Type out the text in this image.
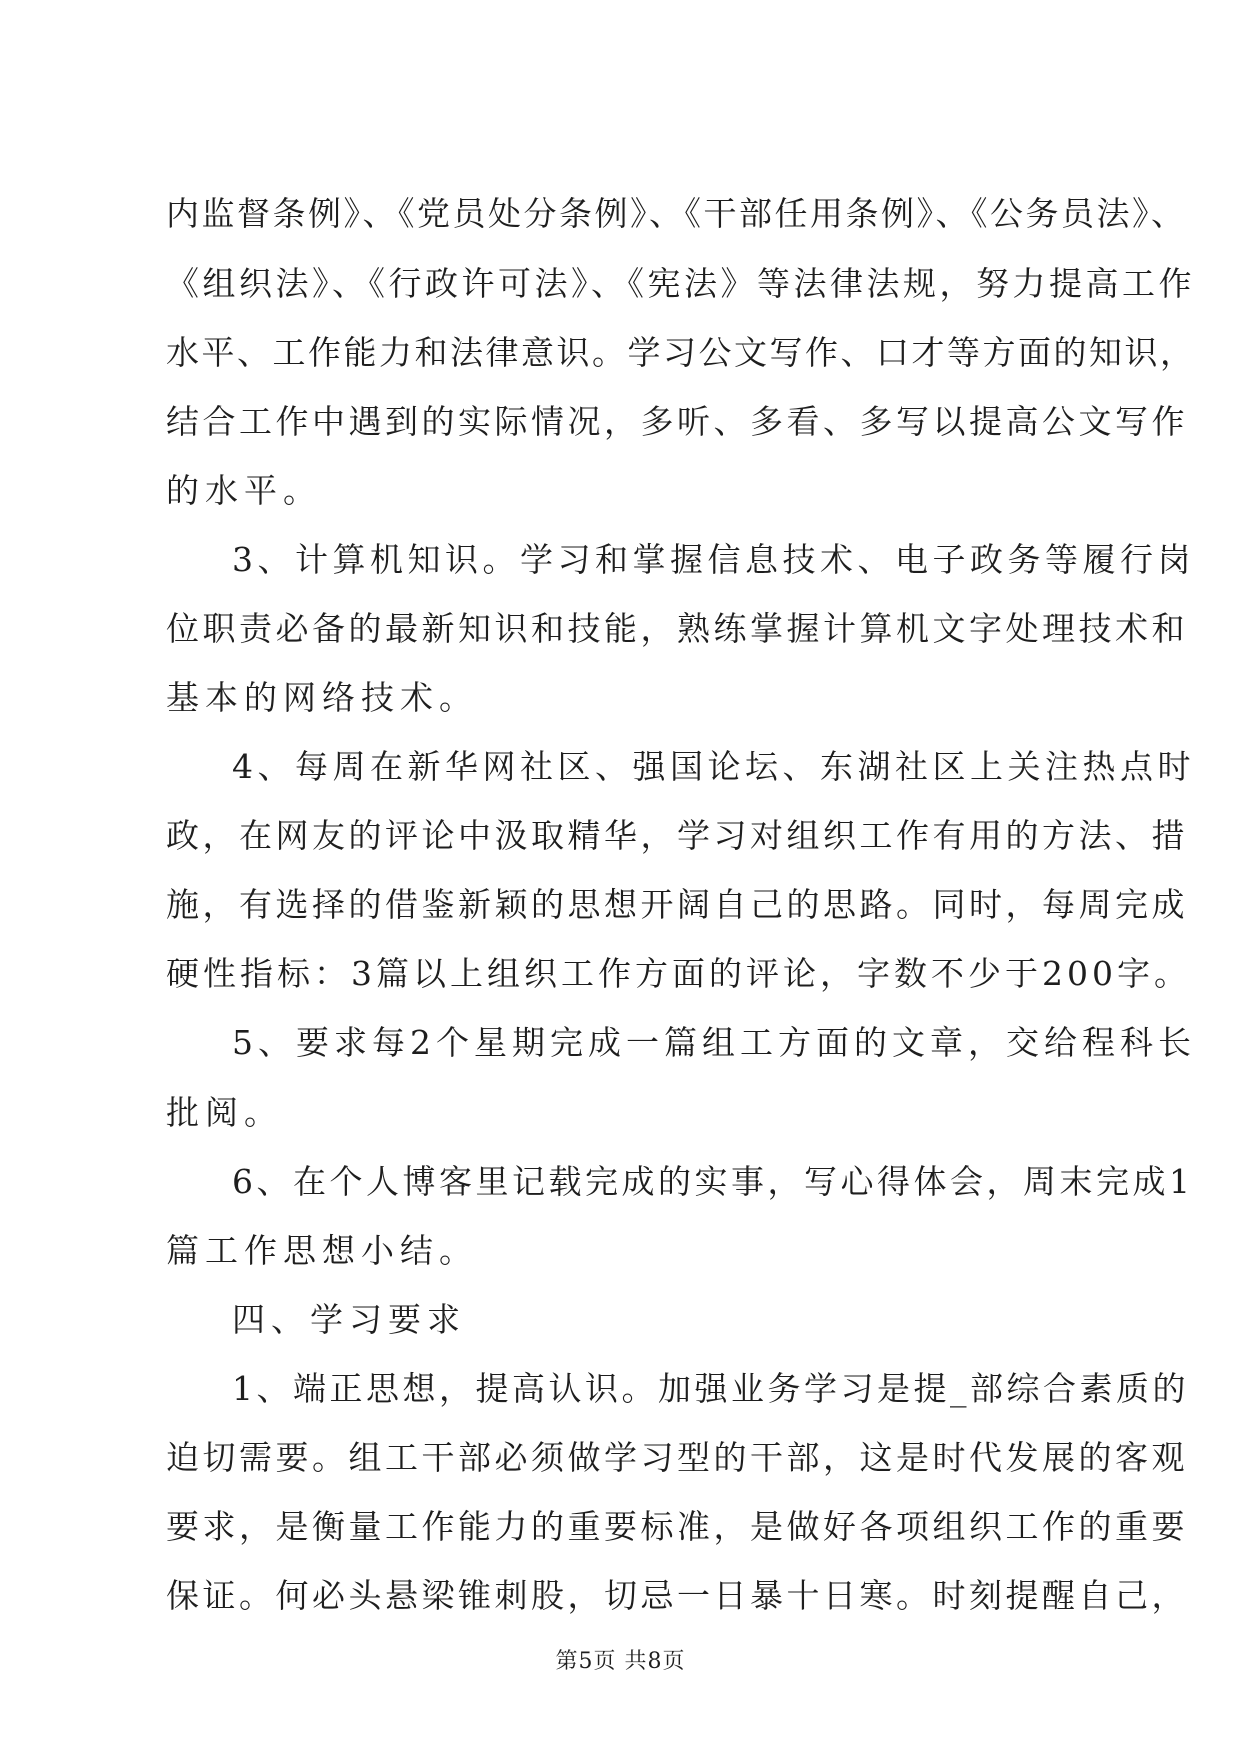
内监督条例》、《党员处分条例》、《干部任用条例》、《公务员法》、
《组织法》、《行政许可法》、《宪法》等法律法规，努力提高工作
水平、工作能力和法律意识。学习公文写作、口才等方面的知识，
结合工作中遇到的实际情况，多听、多看、多写以提高公文写作
的水平。
3、计算机知识。学习和掌握信息技术、电子政务等履行岗
位职责必备的最新知识和技能，熟练掌握计算机文字处理技术和
基本的网络技术。
4、每周在新华网社区、强国论坛、东湖社区上关注热点时
政，在网友的评论中汲取精华，学习对组织工作有用的方法、措
施，有选择的借鉴新颖的思想开阔自己的思路。同时，每周完成
硬性指标：3篇以上组织工作方面的评论，字数不少于200字。
5、要求每2个星期完成一篇组工方面的文章，交给程科长
批阅。
6、在个人博客里记载完成的实事，写心得体会，周末完成1
篇工作思想小结。
四、学习要求
1、端正思想，提高认识。加强业务学习是提_部综合素质的
迫切需要。组工干部必须做学习型的干部，这是时代发展的客观
要求，是衡量工作能力的重要标准，是做好各项组织工作的重要
保证。何必头悬梁锥刺股，切忌一日暴十日寒。时刻提醒自己，
第5页 共8页
